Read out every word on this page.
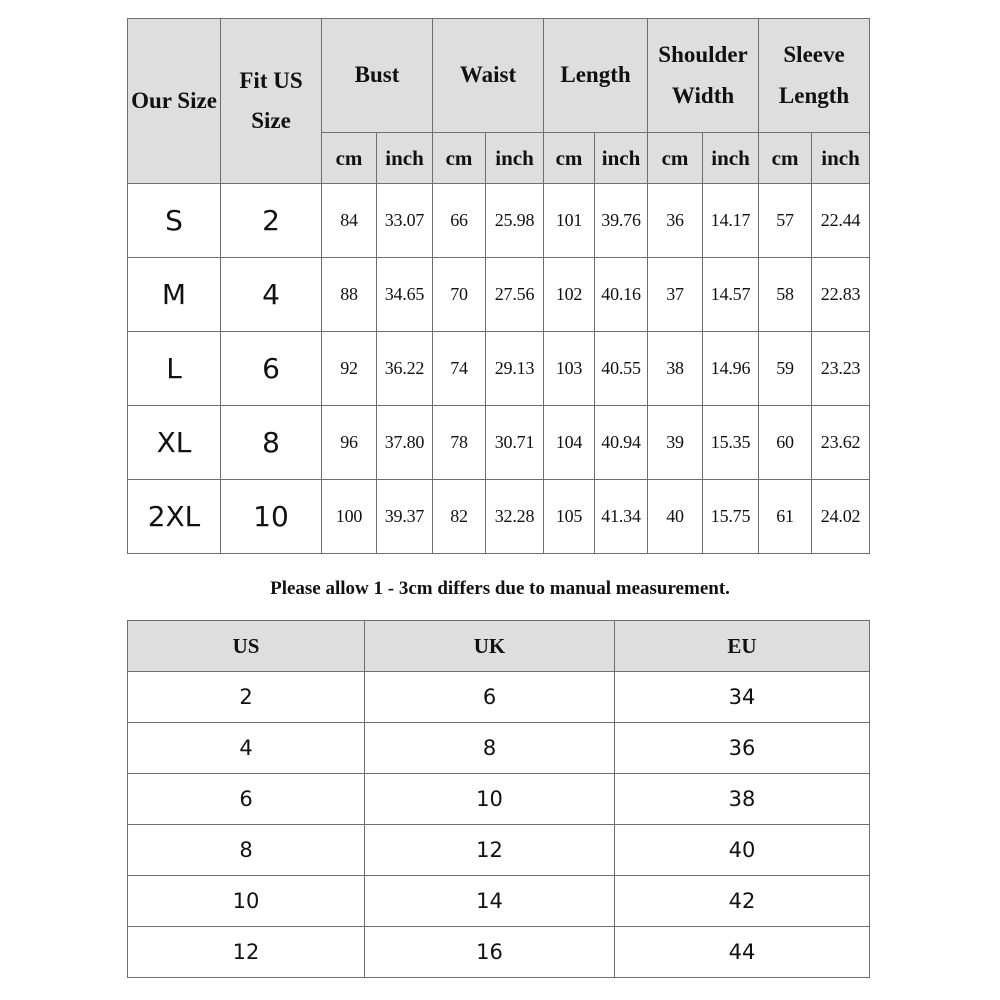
Our Size	Fit US Size	Bust		Waist		Length		Shoulder Width		Sleeve Length	
		cm	inch	cm	inch	cm	inch	cm	inch	cm	inch
S	2	84	33.07	66	25.98	101	39.76	36	14.17	57	22.44
M	4	88	34.65	70	27.56	102	40.16	37	14.57	58	22.83
L	6	92	36.22	74	29.13	103	40.55	38	14.96	59	23.23
XL	8	96	37.80	78	30.71	104	40.94	39	15.35	60	23.62
2XL	10	100	39.37	82	32.28	105	41.34	40	15.75	61	24.02
Please allow 1 - 3cm differs due to manual measurement.
US	UK	EU
2	6	34
4	8	36
6	10	38
8	12	40
10	14	42
12	16	44
